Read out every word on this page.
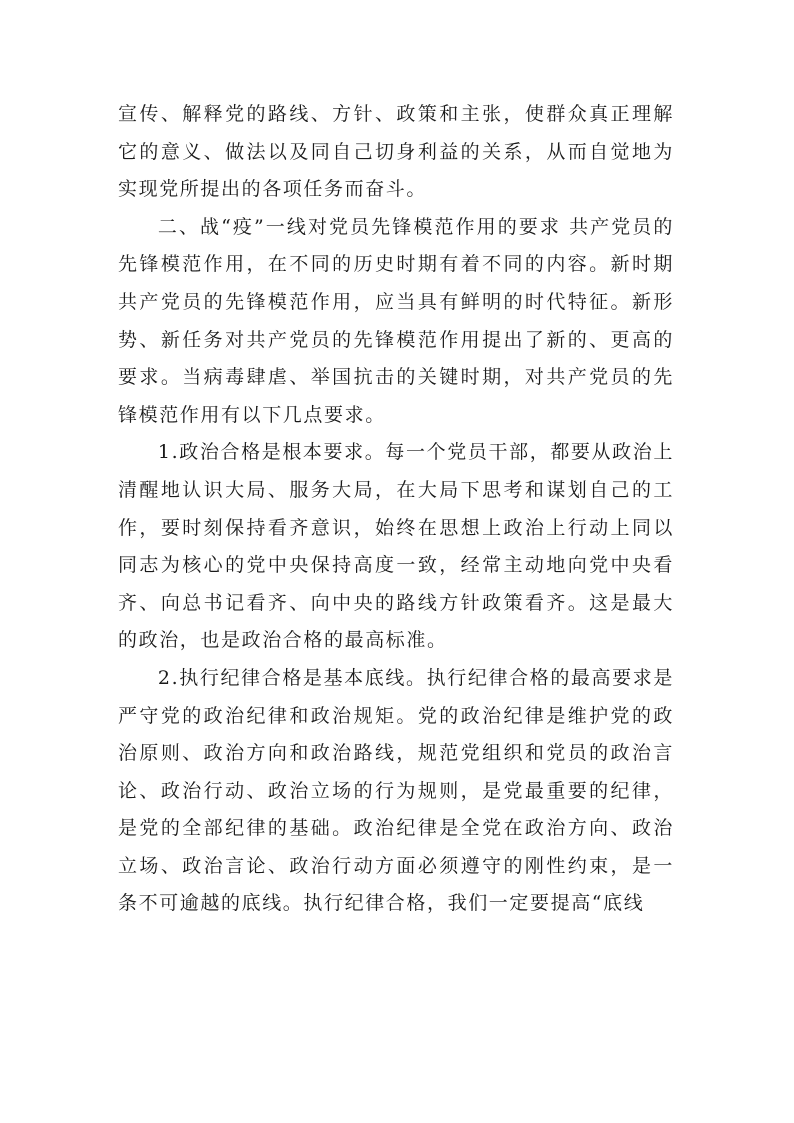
宣传、解释党的路线、方针、政策和主张，使群众真正理解它的意义、做法以及同自己切身利益的关系，从而自觉地为实现党所提出的各项任务而奋斗。

二、战“疫”一线对党员先锋模范作用的要求 共产党员的先锋模范作用，在不同的历史时期有着不同的内容。新时期共产党员的先锋模范作用，应当具有鲜明的时代特征。新形势、新任务对共产党员的先锋模范作用提出了新的、更高的要求。当病毒肆虐、举国抗击的关键时期，对共产党员的先锋模范作用有以下几点要求。

1.政治合格是根本要求。每一个党员干部，都要从政治上清醒地认识大局、服务大局，在大局下思考和谋划自己的工作，要时刻保持看齐意识，始终在思想上政治上行动上同以同志为核心的党中央保持高度一致，经常主动地向党中央看齐、向总书记看齐、向中央的路线方针政策看齐。这是最大的政治，也是政治合格的最高标准。

2.执行纪律合格是基本底线。执行纪律合格的最高要求是严守党的政治纪律和政治规矩。党的政治纪律是维护党的政治原则、政治方向和政治路线，规范党组织和党员的政治言论、政治行动、政治立场的行为规则，是党最重要的纪律，是党的全部纪律的基础。政治纪律是全党在政治方向、政治立场、政治言论、政治行动方面必须遵守的刚性约束，是一条不可逾越的底线。执行纪律合格，我们一定要提高“底线
